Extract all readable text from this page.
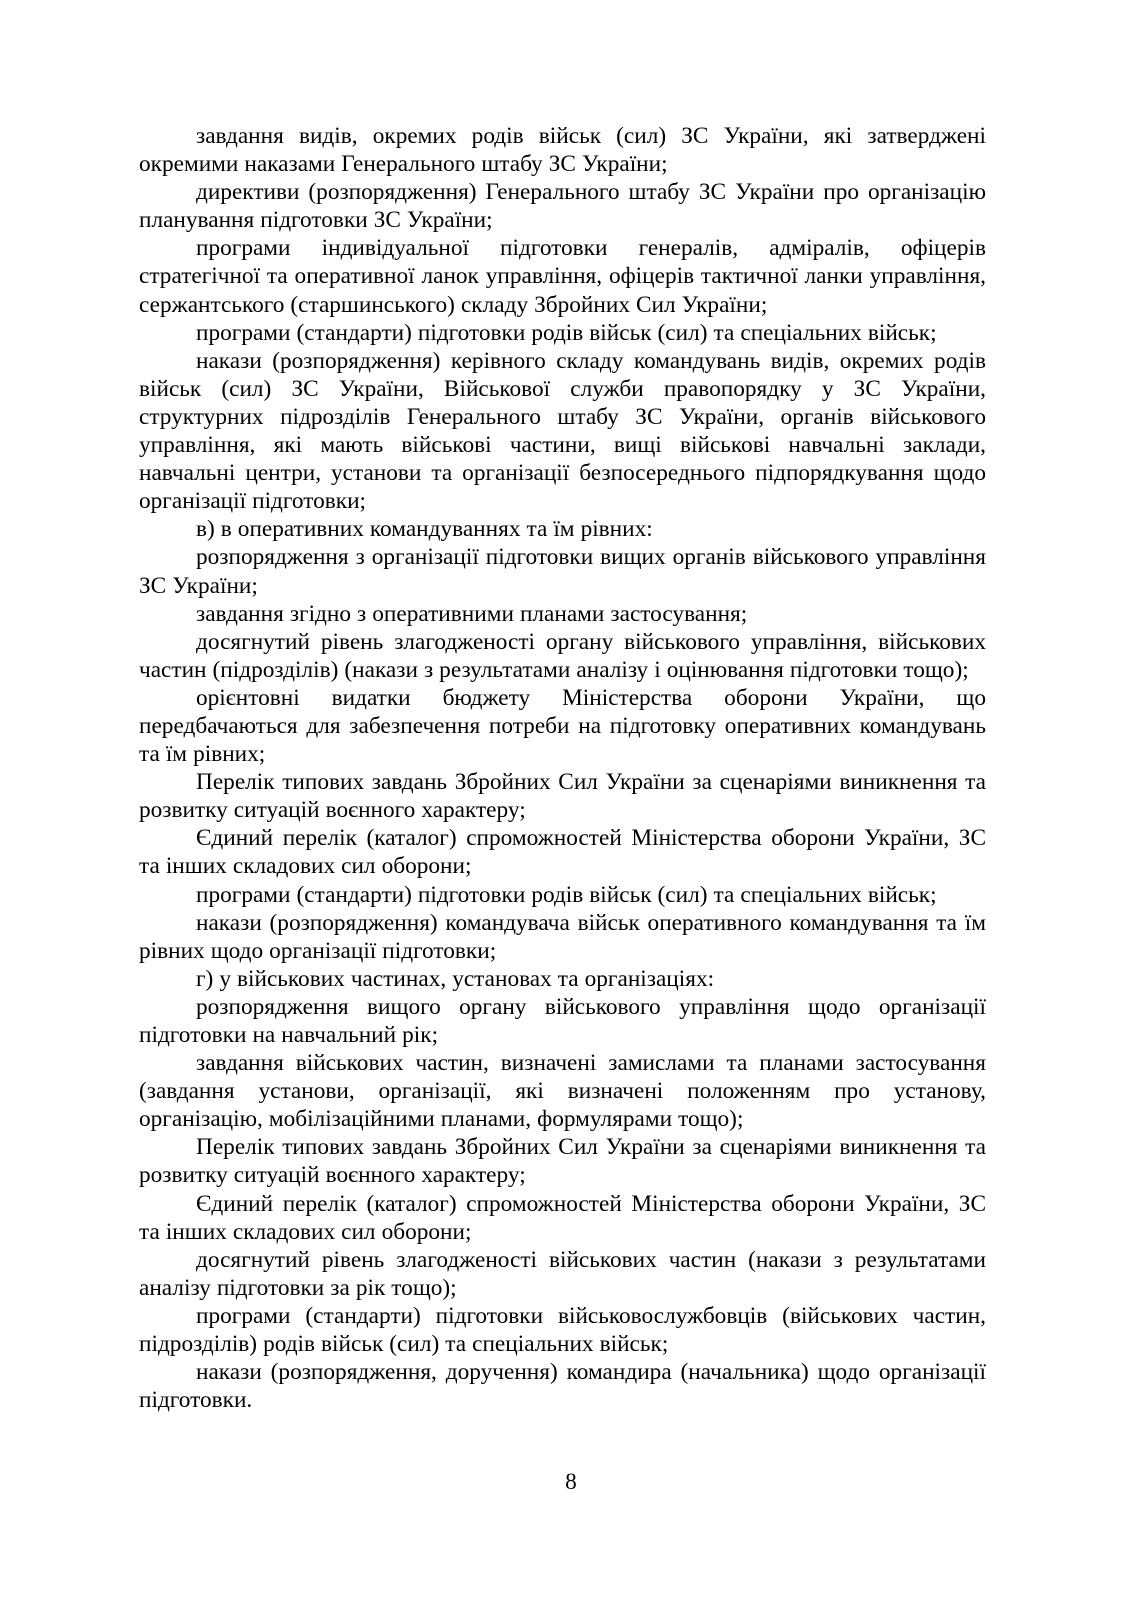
завдання видів, окремих родів військ (сил) ЗС України, які затверджені окремими наказами Генерального штабу ЗС України;

директиви (розпорядження) Генерального штабу ЗС України про організацію планування підготовки ЗС України;

програми індивідуальної підготовки генералів, адміралів, офіцерів стратегічної та оперативної ланок управління, офіцерів тактичної ланки управління, сержантського (старшинського) складу Збройних Сил України;

програми (стандарти) підготовки родів військ (сил) та спеціальних військ;

накази (розпорядження) керівного складу командувань видів, окремих родів військ (сил) ЗС України, Військової служби правопорядку у ЗС України, структурних підрозділів Генерального штабу ЗС України, органів військового управління, які мають військові частини, вищі військові навчальні заклади, навчальні центри, установи та організації безпосереднього підпорядкування щодо організації підготовки;

в) в оперативних командуваннях та їм рівних:

розпорядження з організації підготовки вищих органів військового управління ЗС України;

завдання згідно з оперативними планами застосування;

досягнутий рівень злагодженості органу військового управління, військових частин (підрозділів) (накази з результатами аналізу і оцінювання підготовки тощо);

орієнтовні видатки бюджету Міністерства оборони України, що передбачаються для забезпечення потреби на підготовку оперативних командувань та їм рівних;

Перелік типових завдань Збройних Сил України за сценаріями виникнення та розвитку ситуацій воєнного характеру;

Єдиний перелік (каталог) спроможностей Міністерства оборони України, ЗС та інших складових сил оборони;

програми (стандарти) підготовки родів військ (сил) та спеціальних військ;

накази (розпорядження) командувача військ оперативного командування та їм рівних щодо організації підготовки;

г) у військових частинах, установах та організаціях:

розпорядження вищого органу військового управління щодо організації підготовки на навчальний рік;

завдання військових частин, визначені замислами та планами застосування (завдання установи, організації, які визначені положенням про установу, організацію, мобілізаційними планами, формулярами тощо);

Перелік типових завдань Збройних Сил України за сценаріями виникнення та розвитку ситуацій воєнного характеру;

Єдиний перелік (каталог) спроможностей Міністерства оборони України, ЗС та інших складових сил оборони;

досягнутий рівень злагодженості військових частин (накази з результатами аналізу підготовки за рік тощо);

програми (стандарти) підготовки військовослужбовців (військових частин, підрозділів) родів військ (сил) та спеціальних військ;

накази (розпорядження, доручення) командира (начальника) щодо організації підготовки.

8
